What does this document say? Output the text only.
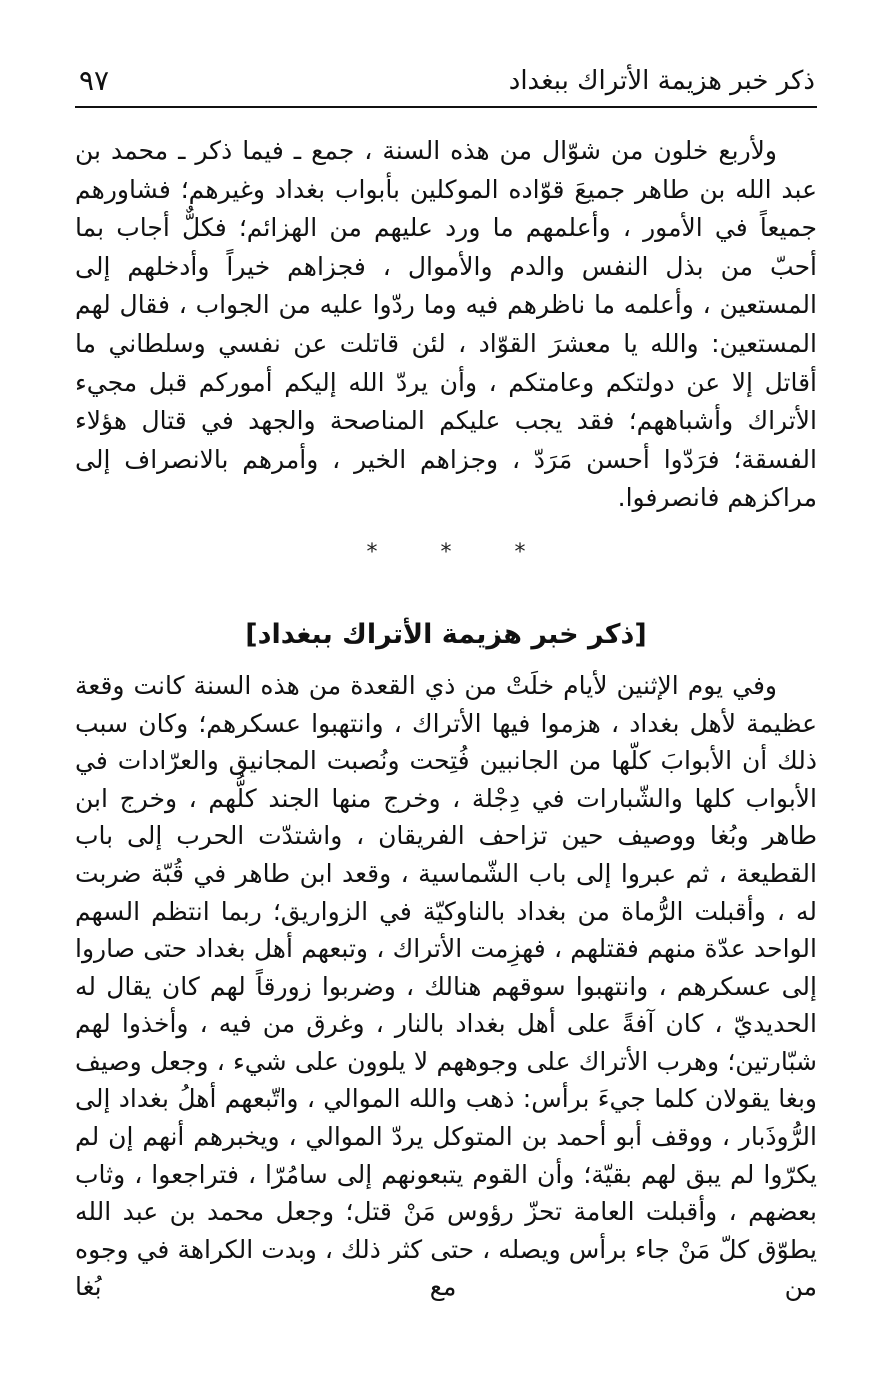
ذكر خبر هزيمة الأتراك ببغداد
٩٧

ولأربع خلون من شوّال من هذه السنة ، جمع ـ فيما ذكر ـ محمد بن عبد الله بن طاهر جميعَ قوّاده الموكلين بأبواب بغداد وغيرهم؛ فشاورهم جميعاً في الأمور ، وأعلمهم ما ورد عليهم من الهزائم؛ فكلٌّ أجاب بما أحبّ من بذل النفس والدم والأموال ، فجزاهم خيراً وأدخلهم إلى المستعين ، وأعلمه ما ناظرهم فيه وما ردّوا عليه من الجواب ، فقال لهم المستعين: والله يا معشرَ القوّاد ، لئن قاتلت عن نفسي وسلطاني ما أقاتل إلا عن دولتكم وعامتكم ، وأن يردّ الله إليكم أموركم قبل مجيء الأتراك وأشباههم؛ فقد يجب عليكم المناصحة والجهد في قتال هؤلاء الفسقة؛ فرَدّوا أحسن مَرَدّ ، وجزاهم الخير ، وأمرهم بالانصراف إلى مراكزهم فانصرفوا.

* * *
[ذكر خبر هزيمة الأتراك ببغداد]

وفي يوم الإثنين لأيام خلَتْ من ذي القعدة من هذه السنة كانت وقعة عظيمة لأهل بغداد ، هزموا فيها الأتراك ، وانتهبوا عسكرهم؛ وكان سبب ذلك أن الأبوابَ كلّها من الجانبين فُتِحت ونُصبت المجانيق والعرّادات في الأبواب كلها والشّبارات في دِجْلة ، وخرج منها الجند كلُّهم ، وخرج ابن طاهر وبُغا ووصيف حين تزاحف الفريقان ، واشتدّت الحرب إلى باب القطيعة ، ثم عبروا إلى باب الشّماسية ، وقعد ابن طاهر في قُبّة ضربت له ، وأقبلت الرُّماة من بغداد بالناوكيّة في الزواريق؛ ربما انتظم السهم الواحد عدّة منهم فقتلهم ، فهزِمت الأتراك ، وتبعهم أهل بغداد حتى صاروا إلى عسكرهم ، وانتهبوا سوقهم هنالك ، وضربوا زورقاً لهم كان يقال له الحديديّ ، كان آفةً على أهل بغداد بالنار ، وغرق من فيه ، وأخذوا لهم شبّارتين؛ وهرب الأتراك على وجوههم لا يلوون على شيء ، وجعل وصيف وبغا يقولان كلما جيءَ برأس: ذهب والله الموالي ، واتّبعهم أهلُ بغداد إلى الرُّوذَبار ، ووقف أبو أحمد بن المتوكل يردّ الموالي ، ويخبرهم أنهم إن لم يكرّوا لم يبق لهم بقيّة؛ وأن القوم يتبعونهم إلى سامُرّا ، فتراجعوا ، وثاب بعضهم ، وأقبلت العامة تحزّ رؤوس مَنْ قتل؛ وجعل محمد بن عبد الله يطوّق كلّ مَنْ جاء برأس ويصله ، حتى كثر ذلك ، وبدت الكراهة في وجوه من مع بُغا
